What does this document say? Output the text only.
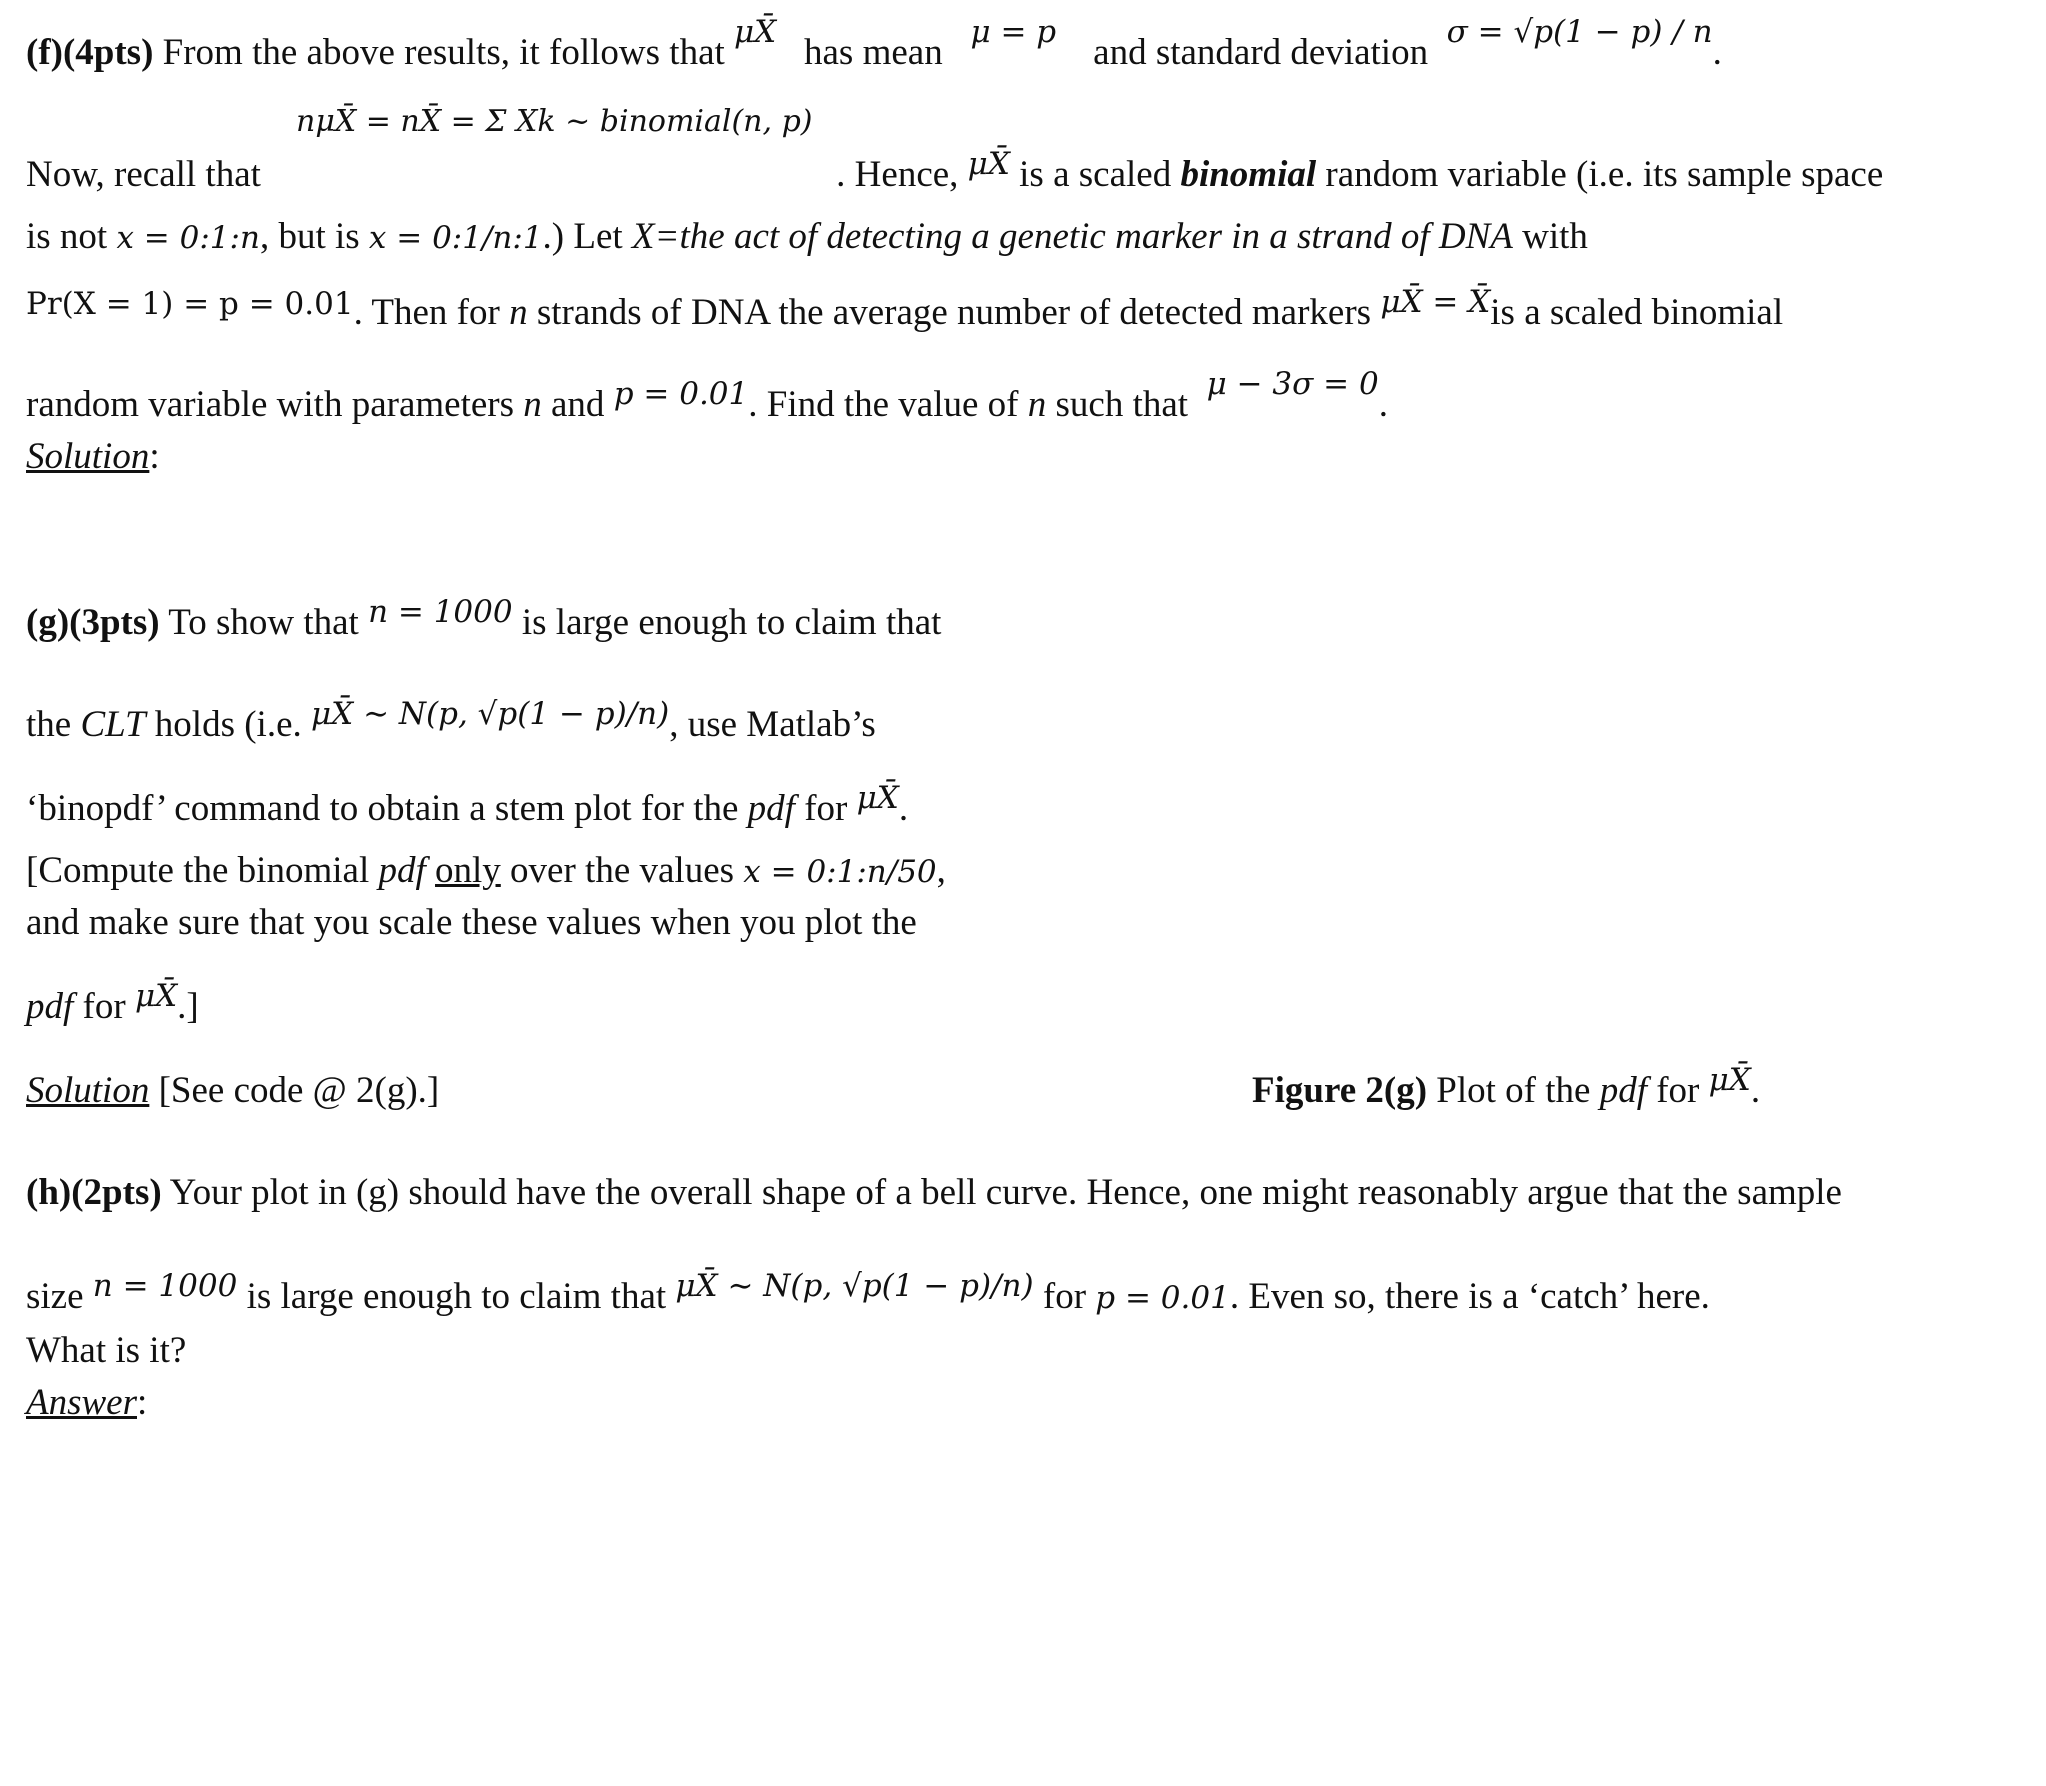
(f)(4pts) From the above results, it follows that μX̄ has mean μ = p and standard deviation σ = √p(1 − p) / n.
nμX̄ = nX̄ = Σ Xk ~ binomial(n, p)
Now, recall that	. Hence, μX̄ is a scaled binomial random variable (i.e. its sample space
is not x = 0:1:n, but is x = 0:1/n:1.) Let X=the act of detecting a genetic marker in a strand of DNA with
Pr(X = 1) = p = 0.01. Then for n strands of DNA the average number of detected markers μX̄ = X̄is a scaled binomial
random variable with parameters n and p = 0.01. Find the value of n such that μ − 3σ = 0.
Solution:
(g)(3pts) To show that n = 1000 is large enough to claim that
the CLT holds (i.e. μX̄ ∼ N(p, √p(1 − p)/n), use Matlab’s
‘binopdf’ command to obtain a stem plot for the pdf for μX̄.
[Compute the binomial pdf only over the values x = 0:1:n/50,
and make sure that you scale these values when you plot the
pdf for μX̄.]
Solution [See code @ 2(g).]	Figure 2(g) Plot of the pdf for μX̄.
(h)(2pts) Your plot in (g) should have the overall shape of a bell curve. Hence, one might reasonably argue that the sample
size n = 1000 is large enough to claim that μX̄ ∼ N(p, √p(1 − p)/n) for p = 0.01. Even so, there is a ‘catch’ here.
What is it?
Answer:
